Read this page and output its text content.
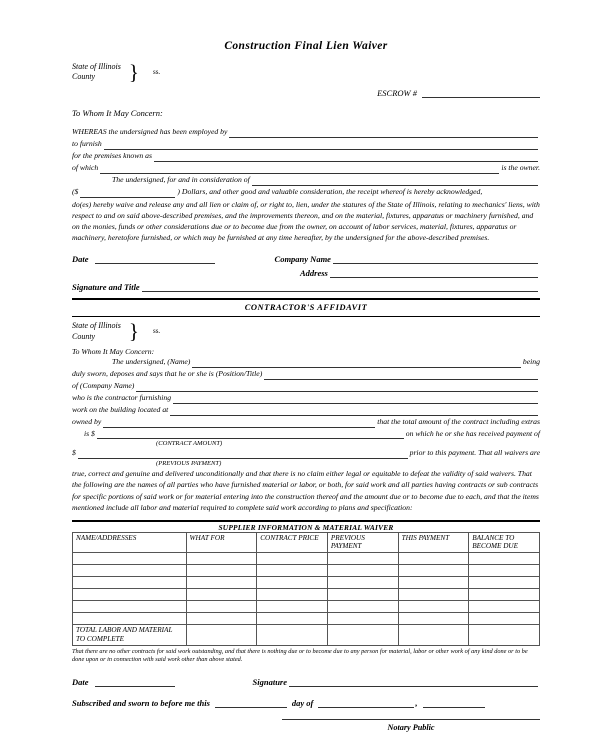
Construction Final Lien Waiver
State of Illinois
County	} ss.
ESCROW #
To Whom It May Concern:
WHEREAS the undersigned has been employed by
to furnish
for the premises known as
of which	is the owner.
The undersigned, for and in consideration of
($	) Dollars, and other good and valuable consideration, the receipt whereof is hereby acknowledged,

do(es) hereby waive and release any and all lien or claim of, or right to, lien, under the statures of the State of Illinois, relating to mechanics' liens, with respect to and on said above-described premises, and the improvements thereon, and on the material, fixtures, apparatus or machinery furnished, and on the monies, funds or other considerations due or to become due from the owner, on account of labor services, material, fixtures, apparatus or machinery, heretofore furnished, or which may be furnished at any time hereafter, by the undersigned for the above-described premises.

Date	Company Name
Address
Signature and Title
CONTRACTOR'S AFFIDAVIT
State of Illinois
County	} ss.
To Whom It May Concern:
The undersigned, (Name)	being
duly sworn, deposes and says that he or she is (Position/Title)
of (Company Name)
who is the contractor furnishing
work on the building located at
owned by	that the total amount of the contract including extras
is $	on which he or she has received payment of
(CONTRACT AMOUNT)
$	prior to this payment. That all waivers are
(PREVIOUS PAYMENT)

true, correct and genuine and delivered unconditionally and that there is no claim either legal or equitable to defeat the validity of said waivers. That the following are the names of all parties who have furnished material or labor, or both, for said work and all parties having contracts or sub contracts for specific portions of said work or for material entering into the construction thereof and the amount due or to become due to each, and that the items mentioned include all labor and material required to complete said work according to plans and specification:

SUPPLIER INFORMATION & MATERIAL WAIVER
NAME/ADDRESSES	WHAT FOR	CONTRACT PRICE	PREVIOUS PAYMENT	THIS PAYMENT	BALANCE TO BECOME DUE

TOTAL LABOR AND MATERIAL TO COMPLETE					

That there are no other contracts for said work outstanding, and that there is nothing due or to become due to any person for material, labor or other work of any kind done or to be done upon or in connection with said work other than above stated.

Date	Signature
Subscribed and sworn to before me this	day of	,
Notary Public
